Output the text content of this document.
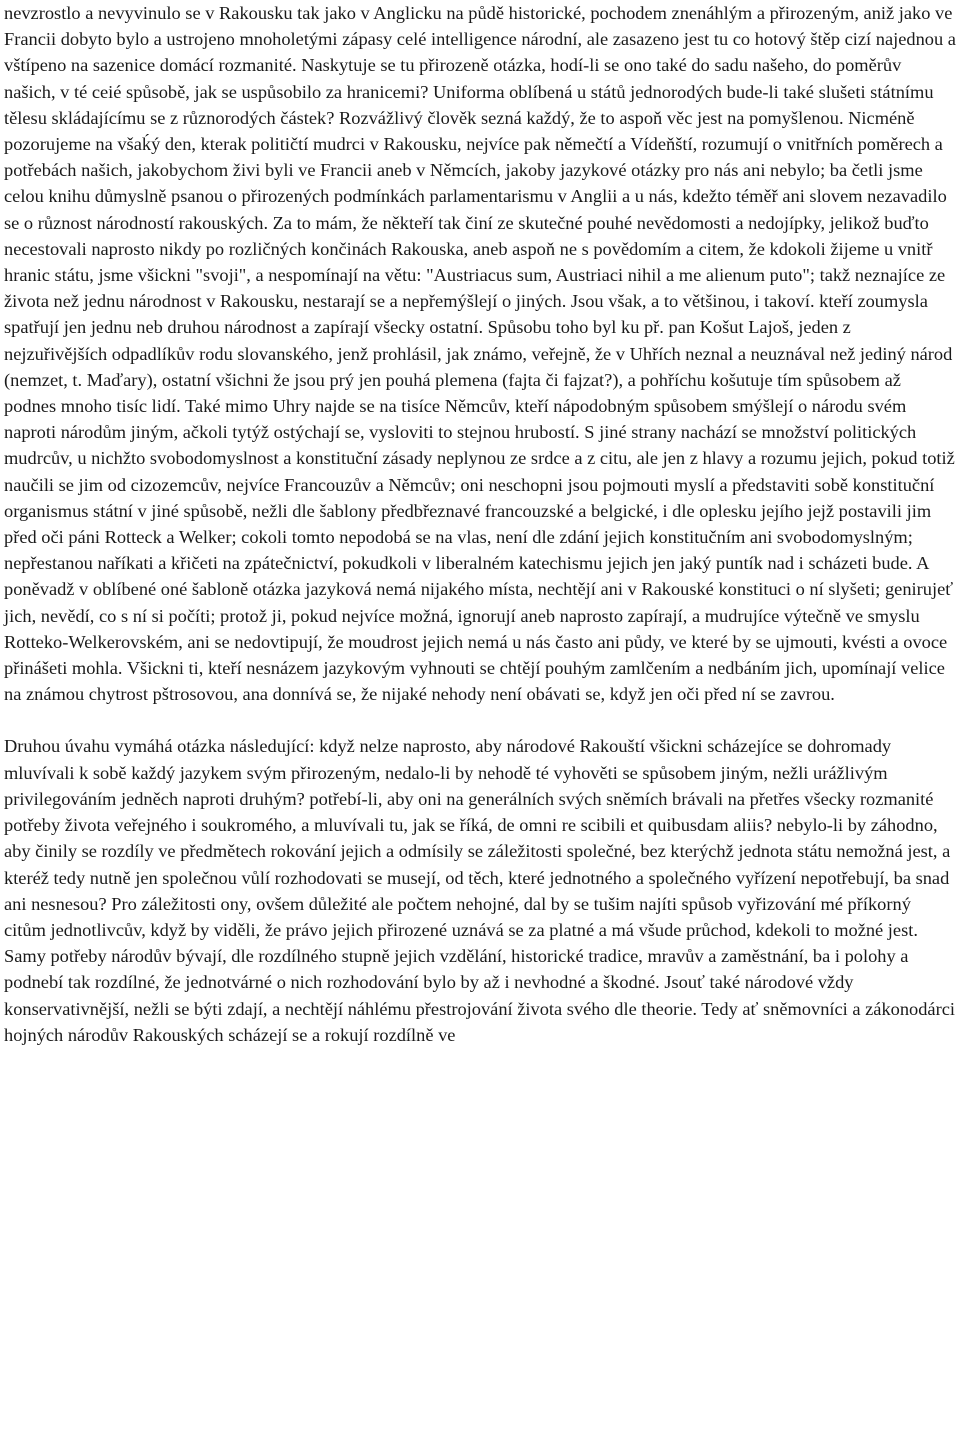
nevzrostlo a nevyvinulo se v Rakousku tak jako v Anglicku na půdě historické, pochodem znenáhlým a přirozeným, aniž jako ve Francii dobyto bylo a ustrojeno mnoholetými zápasy celé intelligence národní, ale zasazeno jest tu co hotový štěp cizí najednou a vštípeno na sazenice domácí rozmanité. Naskytuje se tu přirozeně otázka, hodí-li se ono také do sadu našeho, do poměrův našich, v té ceié spůsobě, jak se uspůsobilo za hranicemi? Uniforma oblíbená u států jednorodých bude-li také slušeti státnímu tělesu skládajícímu se z různorodých částek? Rozvážlivý člověk sezná každý, že to aspoň věc jest na pomyšlenou. Nicméně pozorujeme na všaḱý den, kterak političtí mudrci v Rakousku, nejvíce pak němečtí a Vídeňští, rozumují o vnitřních poměrech a potřebách našich, jakobychom živi byli ve Francii aneb v Němcích, jakoby jazykové otázky pro nás ani nebylo; ba četli jsme celou knihu důmyslně psanou o přirozených podmínkách parlamentarismu v Anglii a u nás, kdežto téměř ani slovem nezavadilo se o různost národností rakouských. Za to mám, že někteří tak činí ze skutečné pouhé nevědomosti a nedojípky, jelikož buďto necestovali naprosto nikdy po rozličných končinách Rakouska, aneb aspoň ne s povědomím a citem, že kdokoli žijeme u vnitř hranic státu, jsme všickni "svoji", a nespomínají na větu: "Austriacus sum, Austriaci nihil a me alienum puto"; takž neznajíce ze života než jednu národnost v Rakousku, nestarají se a nepřemýšlejí o jiných. Jsou však, a to většinou, i takoví. kteří zoumysla spatřují jen jednu neb druhou národnost a zapírají všecky ostatní. Spůsobu toho byl ku př. pan Košut Lajoš, jeden z nejzuřivějších odpadlíkův rodu slovanského, jenž prohlásil, jak známo, veřejně, že v Uhřích neznal a neuznával než jediný národ (nemzet, t. Maďary), ostatní všichni že jsou prý jen pouhá plemena (fajta či fajzat?), a pohříchu košutuje tím spůsobem až podnes mnoho tisíc lidí. Také mimo Uhry najde se na tisíce Němcův, kteří nápodobným spůsobem smýšlejí o národu svém naproti národům jiným, ačkoli tytýž ostýchají se, vysloviti to stejnou hrubostí. S jiné strany nachází se množství politických mudrcův, u nichžto svobodomyslnost a konstituční zásady neplynou ze srdce a z citu, ale jen z hlavy a rozumu jejich, pokud totiž naučili se jim od cizozemcův, nejvíce Francouzův a Němcův; oni neschopni jsou pojmouti myslí a představiti sobě konstituční organismus státní v jiné spůsobě, nežli dle šablony předbřeznavé francouzské a belgické, i dle oplesku jejího jejž postavili jim před oči páni Rotteck a Welker; cokoli tomto nepodobá se na vlas, není dle zdání jejich konstitučním ani svobodomyslným; nepřestanou naříkati a křičeti na zpátečnictví, pokudkoli v liberalném katechismu jejich jen jaký puntík nad i scházeti bude. A poněvadž v oblíbené oné šabloně otázka jazyková nemá nijakého místa, nechtějí ani v Rakouské konstituci o ní slyšeti; genirujeť jich, nevědí, co s ní si počíti; protož ji, pokud nejvíce možná, ignorují aneb naprosto zapírají, a mudrujíce výtečně ve smyslu Rotteko-Welkerovském, ani se nedovtipují, že moudrost jejich nemá u nás často ani půdy, ve které by se ujmouti, kvésti a ovoce přinášeti mohla. Všickni ti, kteří nesnázem jazykovým vyhnouti se chtějí pouhým zamlčením a nedbáním jich, upomínají velice na známou chytrost pštrosovou, ana donnívá se, že nijaké nehody není obávati se, když jen oči před ní se zavrou.

Druhou úvahu vymáhá otázka následující: když nelze naprosto, aby národové Rakouští všickni scházejíce se dohromady mluvívali k sobě každý jazykem svým přirozeným, nedalo-li by nehodě té vyhověti se spůsobem jiným, nežli urážlivým privilegováním jedněch naproti druhým? potřebí-li, aby oni na generálních svých sněmích brávali na přetřes všecky rozmanité potřeby života veřejného i soukromého, a mluvívali tu, jak se říká, de omni re scibili et quibusdam aliis? nebylo-li by záhodno, aby činily se rozdíly ve předmětech rokování jejich a odmísily se záležitosti společné, bez kterýchž jednota státu nemožná jest, a kteréž tedy nutně jen společnou vůlí rozhodovati se musejí, od těch, které jednotného a společného vyřízení nepotřebují, ba snad ani nesnesou? Pro záležitosti ony, ovšem důležité ale počtem nehojné, dal by se tušim najíti spůsob vyřizování mé příkorný citům jednotlivcův, když by viděli, že právo jejich přirozené uznává se za platné a má všude průchod, kdekoli to možné jest. Samy potřeby národův bývají, dle rozdílného stupně jejich vzdělání, historické tradice, mravův a zaměstnání, ba i polohy a podnebí tak rozdílné, že jednotvárné o nich rozhodování bylo by až i nevhodné a škodné. Jsouť také národové vždy konservativnější, nežli se býti zdají, a nechtějí náhlému přestrojování života svého dle theorie. Tedy ať sněmovníci a zákonodárci hojných národův Rakouských scházejí se a rokují rozdílně ve
